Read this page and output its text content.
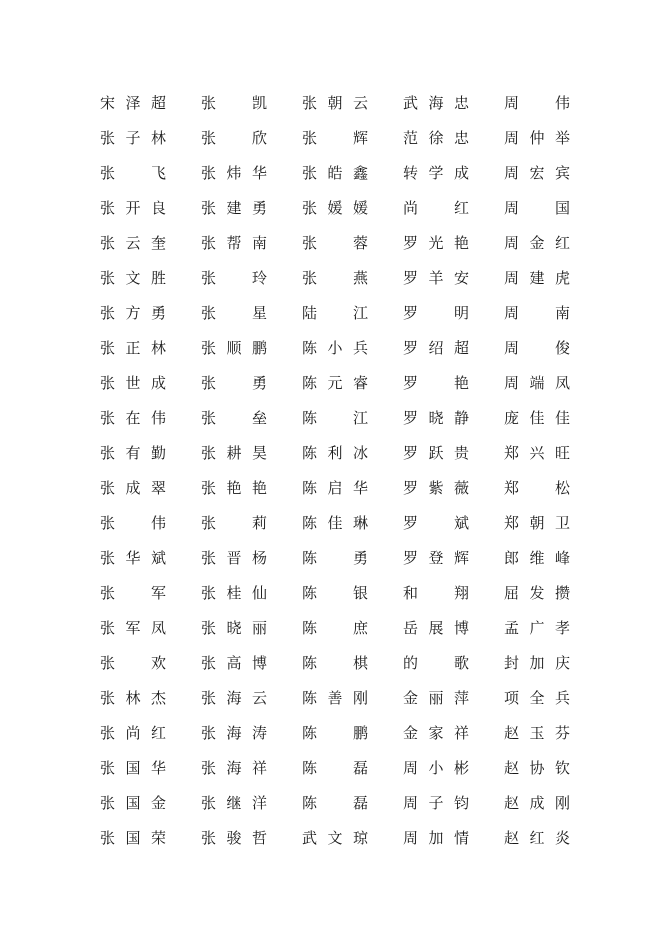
宋 泽 超 张 凯 张 朝 云 武 海 忠 周 伟
张 子 林 张 欣 张 辉 范 徐 忠 周 仲 举
张 飞 张 炜 华 张 皓 鑫 转 学 成 周 宏 宾
张 开 良 张 建 勇 张 媛 媛 尚 红 周 国
张 云 奎 张 帮 南 张 蓉 罗 光 艳 周 金 红
张 文 胜 张 玲 张 燕 罗 羊 安 周 建 虎
张 方 勇 张 星 陆 江 罗 明 周 南
张 正 林 张 顺 鹏 陈 小 兵 罗 绍 超 周 俊
张 世 成 张 勇 陈 元 睿 罗 艳 周 端 凤
张 在 伟 张 垒 陈 江 罗 晓 静 庞 佳 佳
张 有 勤 张 耕 昊 陈 利 冰 罗 跃 贵 郑 兴 旺
张 成 翠 张 艳 艳 陈 启 华 罗 紫 薇 郑 松
张 伟 张 莉 陈 佳 琳 罗 斌 郑 朝 卫
张 华 斌 张 晋 杨 陈 勇 罗 登 辉 郎 维 峰
张 军 张 桂 仙 陈 银 和 翔 屈 发 攒
张 军 凤 张 晓 丽 陈 庶 岳 展 博 孟 广 孝
张 欢 张 高 博 陈 棋 的 歌 封 加 庆
张 林 杰 张 海 云 陈 善 刚 金 丽 萍 项 全 兵
张 尚 红 张 海 涛 陈 鹏 金 家 祥 赵 玉 芬
张 国 华 张 海 祥 陈 磊 周 小 彬 赵 协 钦
张 国 金 张 继 洋 陈 磊 周 子 钧 赵 成 刚
张 国 荣 张 骏 哲 武 文 琼 周 加 情 赵 红 炎
